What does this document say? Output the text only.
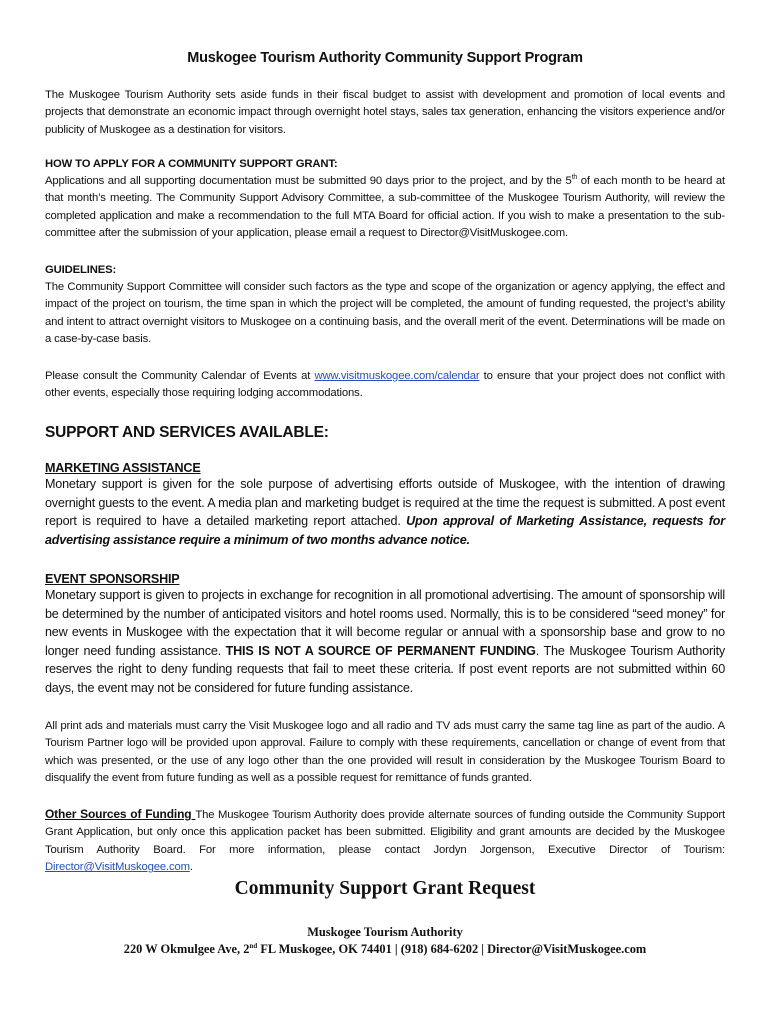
Muskogee Tourism Authority Community Support Program

The Muskogee Tourism Authority sets aside funds in their fiscal budget to assist with development and promotion of local events and projects that demonstrate an economic impact through overnight hotel stays, sales tax generation, enhancing the visitors experience and/or publicity of Muskogee as a destination for visitors.

HOW TO APPLY FOR A COMMUNITY SUPPORT GRANT:

Applications and all supporting documentation must be submitted 90 days prior to the project, and by the 5th of each month to be heard at that month’s meeting. The Community Support Advisory Committee, a sub-committee of the Muskogee Tourism Authority, will review the completed application and make a recommendation to the full MTA Board for official action. If you wish to make a presentation to the sub-committee after the submission of your application, please email a request to Director@VisitMuskogee.com.

GUIDELINES:

The Community Support Committee will consider such factors as the type and scope of the organization or agency applying, the effect and impact of the project on tourism, the time span in which the project will be completed, the amount of funding requested, the project’s ability and intent to attract overnight visitors to Muskogee on a continuing basis, and the overall merit of the event. Determinations will be made on a case-by-case basis.

Please consult the Community Calendar of Events at www.visitmuskogee.com/calendar to ensure that your project does not conflict with other events, especially those requiring lodging accommodations.

SUPPORT AND SERVICES AVAILABLE:
MARKETING ASSISTANCE

Monetary support is given for the sole purpose of advertising efforts outside of Muskogee, with the intention of drawing overnight guests to the event. A media plan and marketing budget is required at the time the request is submitted. A post event report is required to have a detailed marketing report attached. Upon approval of Marketing Assistance, requests for advertising assistance require a minimum of two months advance notice.

EVENT SPONSORSHIP

Monetary support is given to projects in exchange for recognition in all promotional advertising. The amount of sponsorship will be determined by the number of anticipated visitors and hotel rooms used. Normally, this is to be considered “seed money” for new events in Muskogee with the expectation that it will become regular or annual with a sponsorship base and grow to no longer need funding assistance. THIS IS NOT A SOURCE OF PERMANENT FUNDING. The Muskogee Tourism Authority reserves the right to deny funding requests that fail to meet these criteria. If post event reports are not submitted within 60 days, the event may not be considered for future funding assistance.

All print ads and materials must carry the Visit Muskogee logo and all radio and TV ads must carry the same tag line as part of the audio. A Tourism Partner logo will be provided upon approval. Failure to comply with these requirements, cancellation or change of event from that which was presented, or the use of any logo other than the one provided will result in consideration by the Muskogee Tourism Board to disqualify the event from future funding as well as a possible request for remittance of funds granted.

Other Sources of Funding The Muskogee Tourism Authority does provide alternate sources of funding outside the Community Support Grant Application, but only once this application packet has been submitted. Eligibility and grant amounts are decided by the Muskogee Tourism Authority Board. For more information, please contact Jordyn Jorgenson, Executive Director of Tourism: Director@VisitMuskogee.com.

Community Support Grant Request
Muskogee Tourism Authority
220 W Okmulgee Ave, 2nd FL Muskogee, OK 74401 | (918) 684-6202 | Director@VisitMuskogee.com
